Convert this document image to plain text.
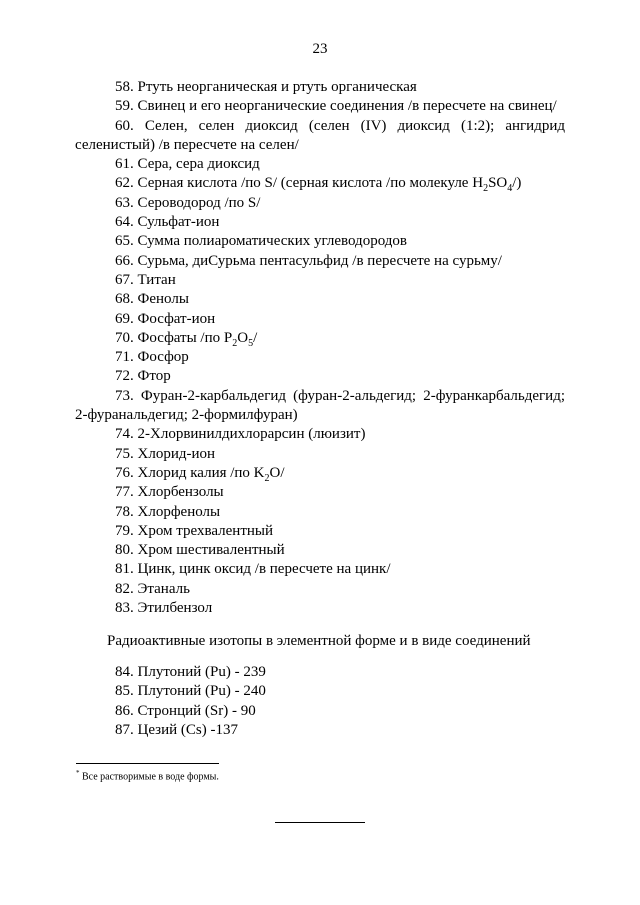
23
58. Ртуть неорганическая и ртуть органическая
59. Свинец и его неорганические соединения /в пересчете на свинец/
60. Селен, селен диоксид (селен (IV) диоксид (1:2); ангидрид селенистый) /в пересчете на селен/
61. Сера, сера диоксид
62. Серная кислота /по S/ (серная кислота /по молекуле $H_2SO_4/$)
63. Сероводород /по S/
64. Сульфат-ион
65. Сумма полиароматических углеводородов
66. Сурьма, диСурьма пентасульфид /в пересчете на сурьму/
67. Титан
68. Фенолы
69. Фосфат-ион
70. Фосфаты /по $P_2O_5/$
71. Фосфор
72. Фтор
73. Фуран-2-карбальдегид (фуран-2-альдегид; 2-фуранкарбальдегид; 2-фуранальдегид; 2-формилфуран)
74. 2-Хлорвинилдихлорарсин (люизит)
75. Хлорид-ион
76. Хлорид калия /по $K_2O/$
77. Хлорбензолы
78. Хлорфенолы
79. Хром трехвалентный
80. Хром шестивалентный
81. Цинк, цинк оксид /в пересчете на цинк/
82. Этаналь
83. Этилбензол
Радиоактивные изотопы в элементной форме и в виде соединений
84. Плутоний (Pu) - 239
85. Плутоний (Pu) - 240
86. Стронций (Sr) - 90
87. Цезий (Cs) -137
* Все растворимые в воде формы.
